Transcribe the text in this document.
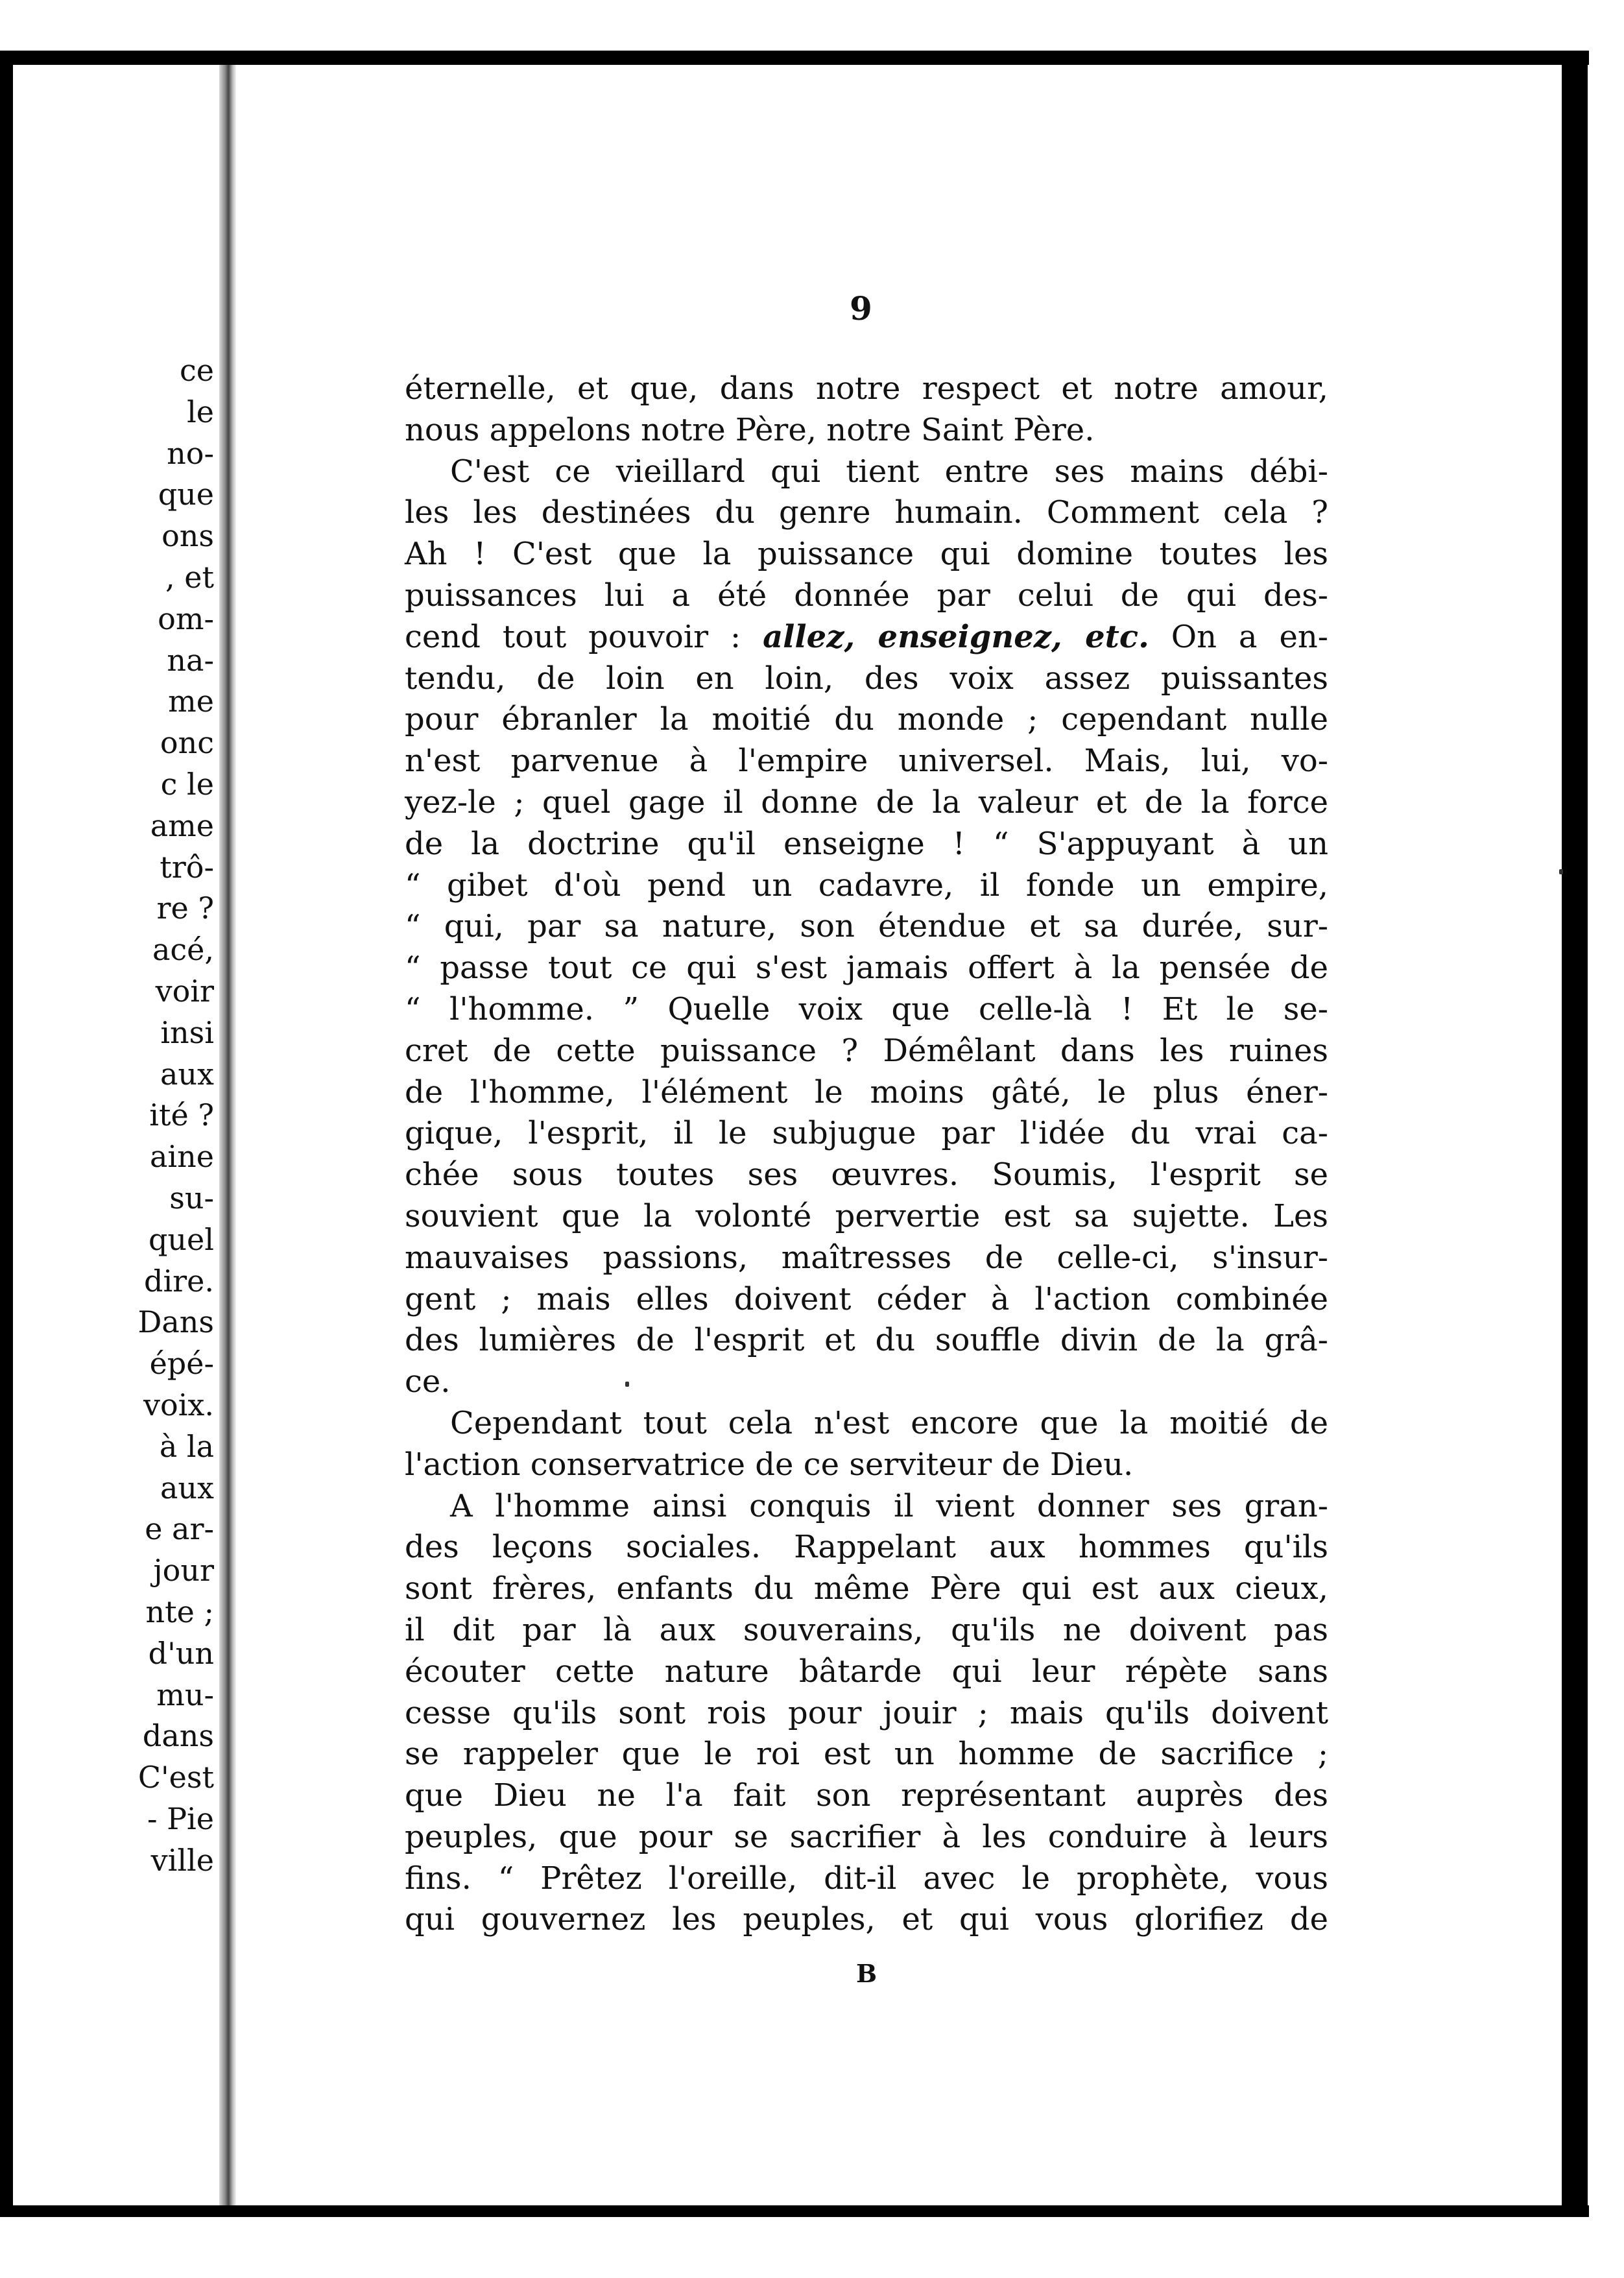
ce
le
no-
que
ons
, et
om-
na-
me
onc
c le
ame
trô-
re ?
acé,
voir
insi
aux
ité ?
aine
su-
quel
dire.
Dans
épé-
voix.
à la
aux
e ar-
jour
nte ;
d'un
mu-
dans
C'est
- Pie
ville
9
éternelle, et que, dans notre respect et notre amour,
nous appelons notre Père, notre Saint Père.
C'est ce vieillard qui tient entre ses mains débi-
les les destinées du genre humain. Comment cela ?
Ah ! C'est que la puissance qui domine toutes les
puissances lui a été donnée par celui de qui des-
cend tout pouvoir : allez, enseignez, etc. On a en-
tendu, de loin en loin, des voix assez puissantes
pour ébranler la moitié du monde ; cependant nulle
n'est parvenue à l'empire universel. Mais, lui, vo-
yez-le ; quel gage il donne de la valeur et de la force
de la doctrine qu'il enseigne ! “ S'appuyant à un
“ gibet d'où pend un cadavre, il fonde un empire,
“ qui, par sa nature, son étendue et sa durée, sur-
“ passe tout ce qui s'est jamais offert à la pensée de
“ l'homme. ” Quelle voix que celle-là ! Et le se-
cret de cette puissance ? Démêlant dans les ruines
de l'homme, l'élément le moins gâté, le plus éner-
gique, l'esprit, il le subjugue par l'idée du vrai ca-
chée sous toutes ses œuvres. Soumis, l'esprit se
souvient que la volonté pervertie est sa sujette. Les
mauvaises passions, maîtresses de celle-ci, s'insur-
gent ; mais elles doivent céder à l'action combinée
des lumières de l'esprit et du souffle divin de la grâ-
ce.
Cependant tout cela n'est encore que la moitié de
l'action conservatrice de ce serviteur de Dieu.
A l'homme ainsi conquis il vient donner ses gran-
des leçons sociales. Rappelant aux hommes qu'ils
sont frères, enfants du même Père qui est aux cieux,
il dit par là aux souverains, qu'ils ne doivent pas
écouter cette nature bâtarde qui leur répète sans
cesse qu'ils sont rois pour jouir ; mais qu'ils doivent
se rappeler que le roi est un homme de sacrifice ;
que Dieu ne l'a fait son représentant auprès des
peuples, que pour se sacrifier à les conduire à leurs
fins. “ Prêtez l'oreille, dit-il avec le prophète, vous
qui gouvernez les peuples, et qui vous glorifiez de
B
